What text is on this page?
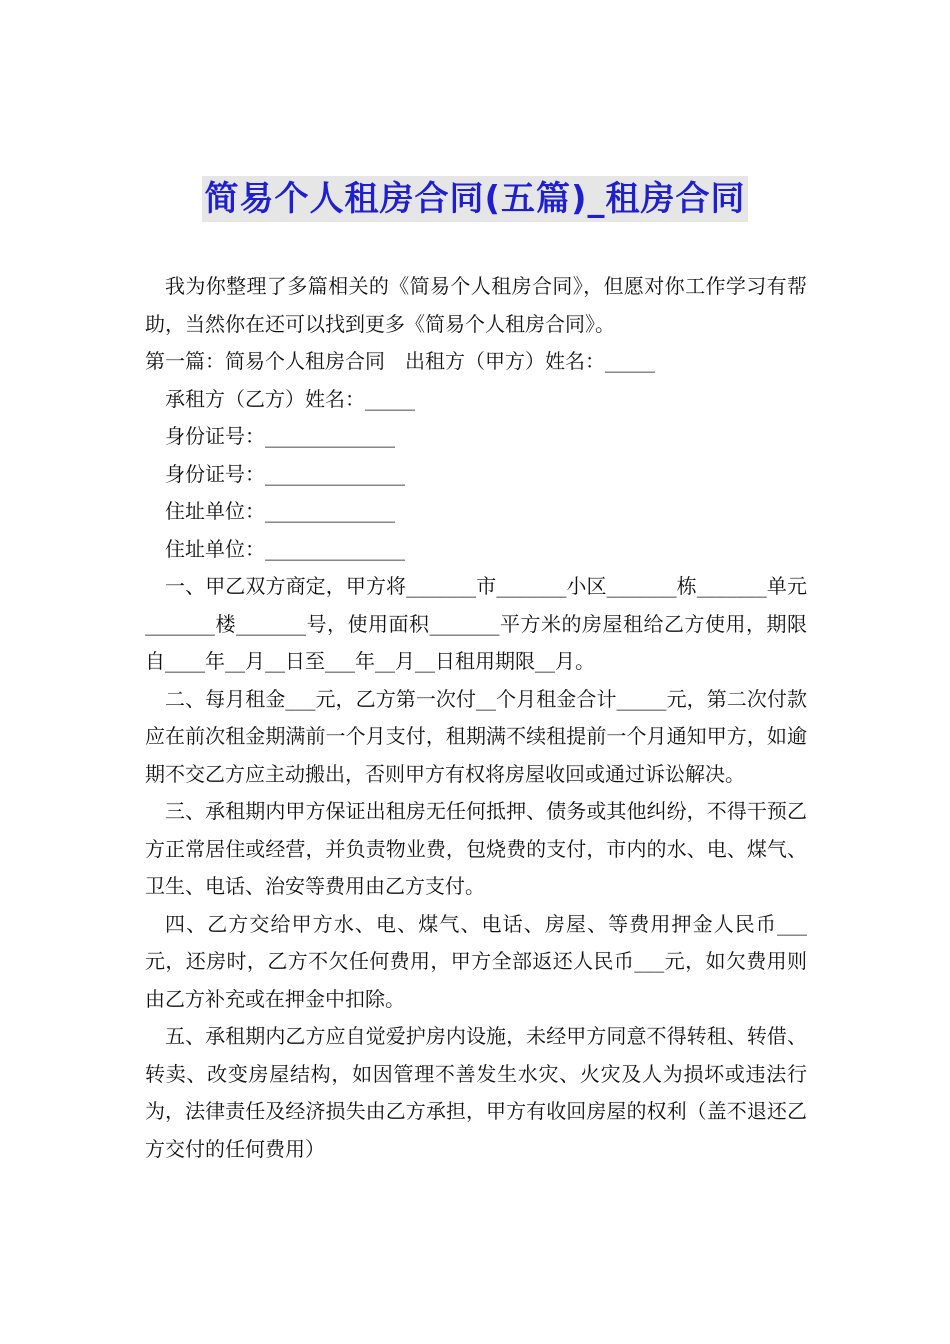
简易个人租房合同(五篇)_租房合同

我为你整理了多篇相关的《简易个人租房合同》，但愿对你工作学习有帮助，当然你在还可以找到更多《简易个人租房合同》。

第一篇：简易个人租房合同　出租方（甲方）姓名：_____

承租方（乙方）姓名：_____

身份证号：_____________

身份证号：______________

住址单位：_____________

住址单位：______________

一、甲乙双方商定，甲方将_______市_______小区_______栋_______单元_______楼_______号，使用面积_______平方米的房屋租给乙方使用，期限自____年__月__日至___年__月__日租用期限__月。

二、每月租金___元，乙方第一次付__个月租金合计_____元，第二次付款应在前次租金期满前一个月支付，租期满不续租提前一个月通知甲方，如逾期不交乙方应主动搬出，否则甲方有权将房屋收回或通过诉讼解决。

三、承租期内甲方保证出租房无任何抵押、债务或其他纠纷，不得干预乙方正常居住或经营，并负责物业费，包烧费的支付，市内的水、电、煤气、卫生、电话、治安等费用由乙方支付。

四、乙方交给甲方水、电、煤气、电话、房屋、等费用押金人民币___元，还房时，乙方不欠任何费用，甲方全部返还人民币___元，如欠费用则由乙方补充或在押金中扣除。

五、承租期内乙方应自觉爱护房内设施，未经甲方同意不得转租、转借、转卖、改变房屋结构，如因管理不善发生水灾、火灾及人为损坏或违法行为，法律责任及经济损失由乙方承担，甲方有收回房屋的权利（盖不退还乙方交付的任何费用）
